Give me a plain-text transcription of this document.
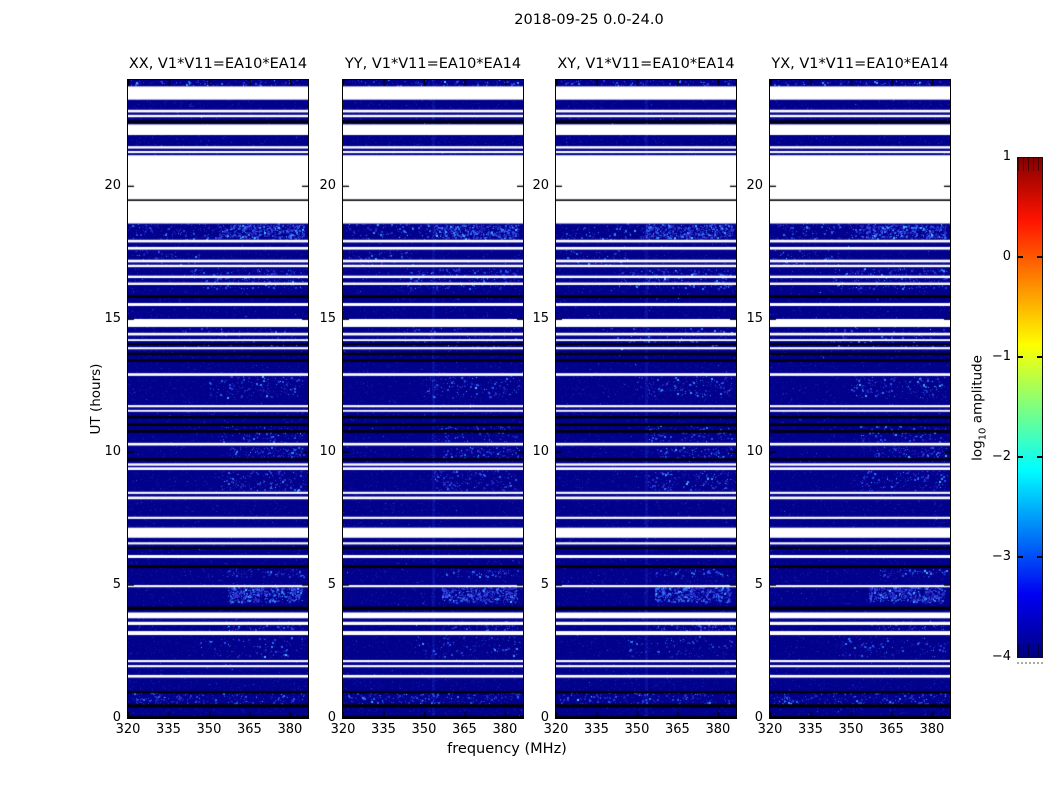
2018-09-25 0.0-24.0
UT (hours)
frequency (MHz)
XX, V1*V11=EA10*EA14
320	335	350	365	380
0
5
10
15
20
YY, V1*V11=EA10*EA14
320	335	350	365	380
0
5
10
15
20
XY, V1*V11=EA10*EA14
320	335	350	365	380
0
5
10
15
20
YX, V1*V11=EA10*EA14
320	335	350	365	380
0
5
10
15
20
$\log_{10}$ amplitude
1
0
−1
−2
−3
−4
